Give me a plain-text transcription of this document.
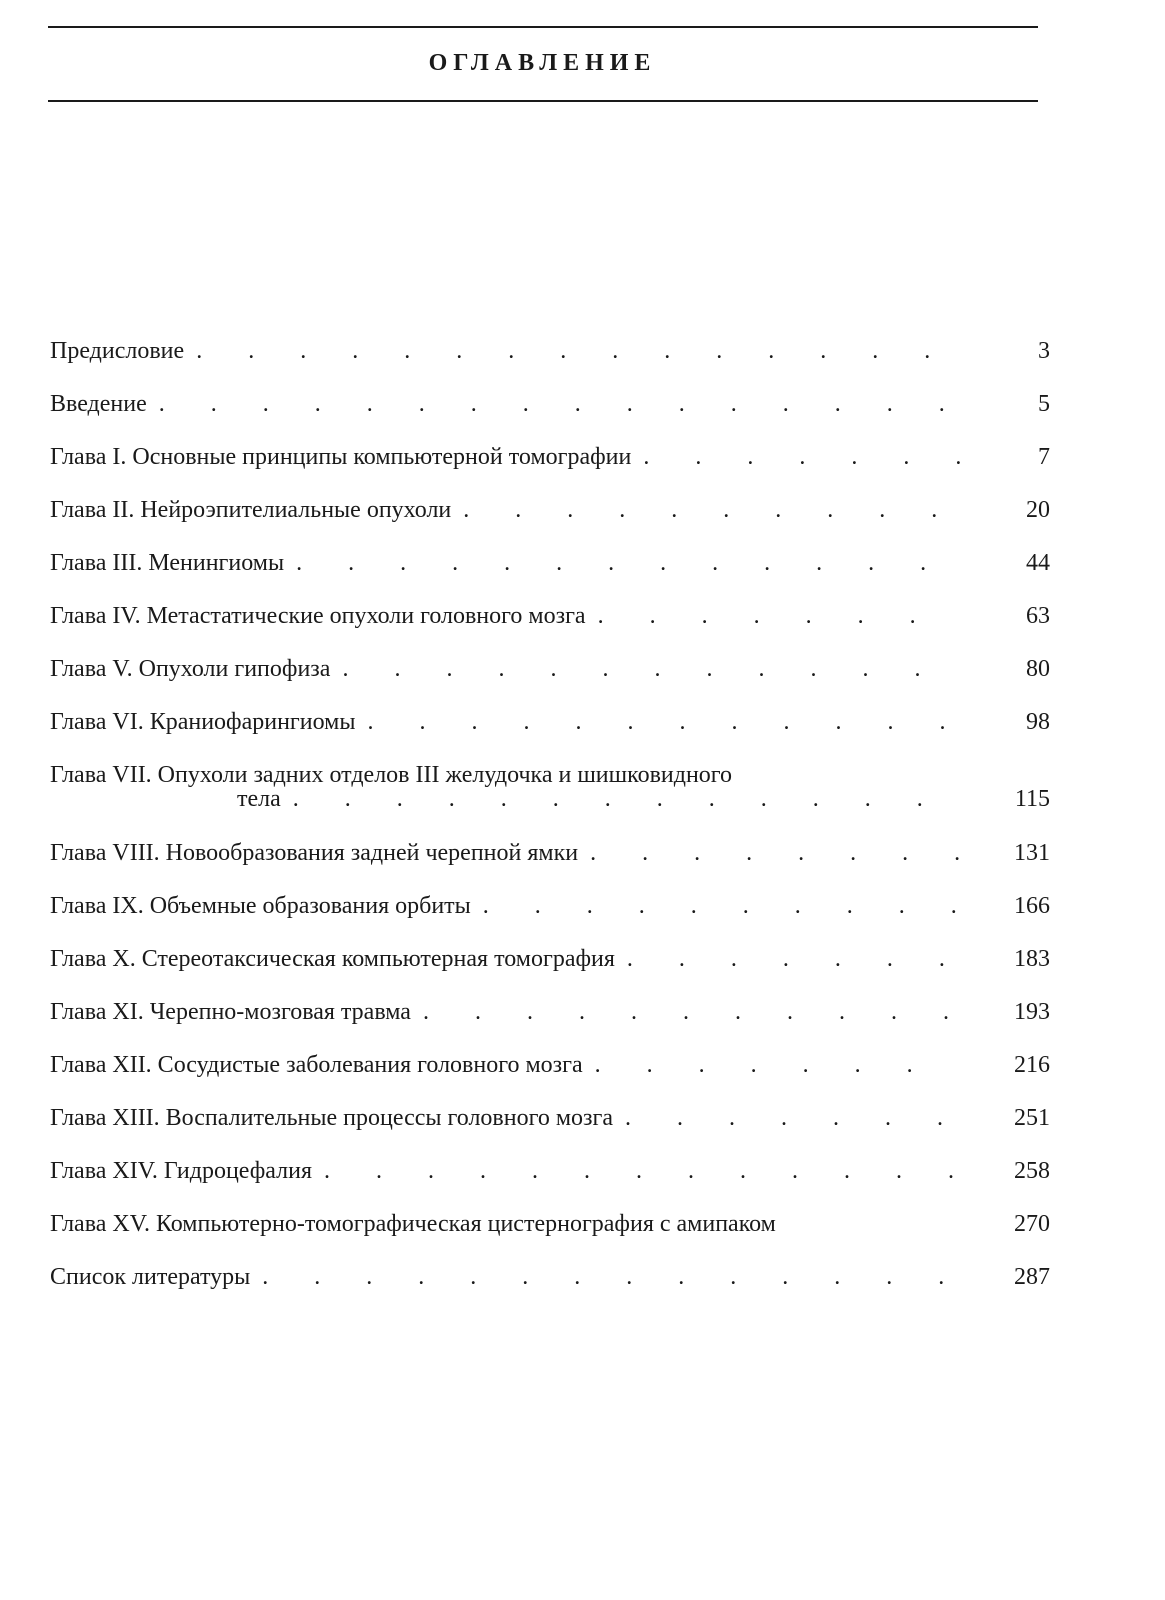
ОГЛАВЛЕНИЕ
Предисловие . . .	3
Введение . . .	5
Глава I. Основные принципы компьютерной томографии . . .	7
Глава II. Нейроэпителиальные опухоли . . .	20
Глава III. Менингиомы . . .	44
Глава IV. Метастатические опухоли головного мозга . . .	63
Глава V. Опухоли гипофиза . . .	80
Глава VI. Краниофарингиомы . . .	98
Глава VII. Опухоли задних отделов III желудочка и шишковидного
тела . . .	115
Глава VIII. Новообразования задней черепной ямки . . .	131
Глава IX. Объемные образования орбиты . . .	166
Глава X. Стереотаксическая компьютерная томография . . .	183
Глава XI. Черепно-мозговая травма . . .	193
Глава XII. Сосудистые заболевания головного мозга . . .	216
Глава XIII. Воспалительные процессы головного мозга . . .	251
Глава XIV. Гидроцефалия . . .	258
Глава XV. Компьютерно-томографическая цистернография с амипаком	270
Список литературы . . .	287
